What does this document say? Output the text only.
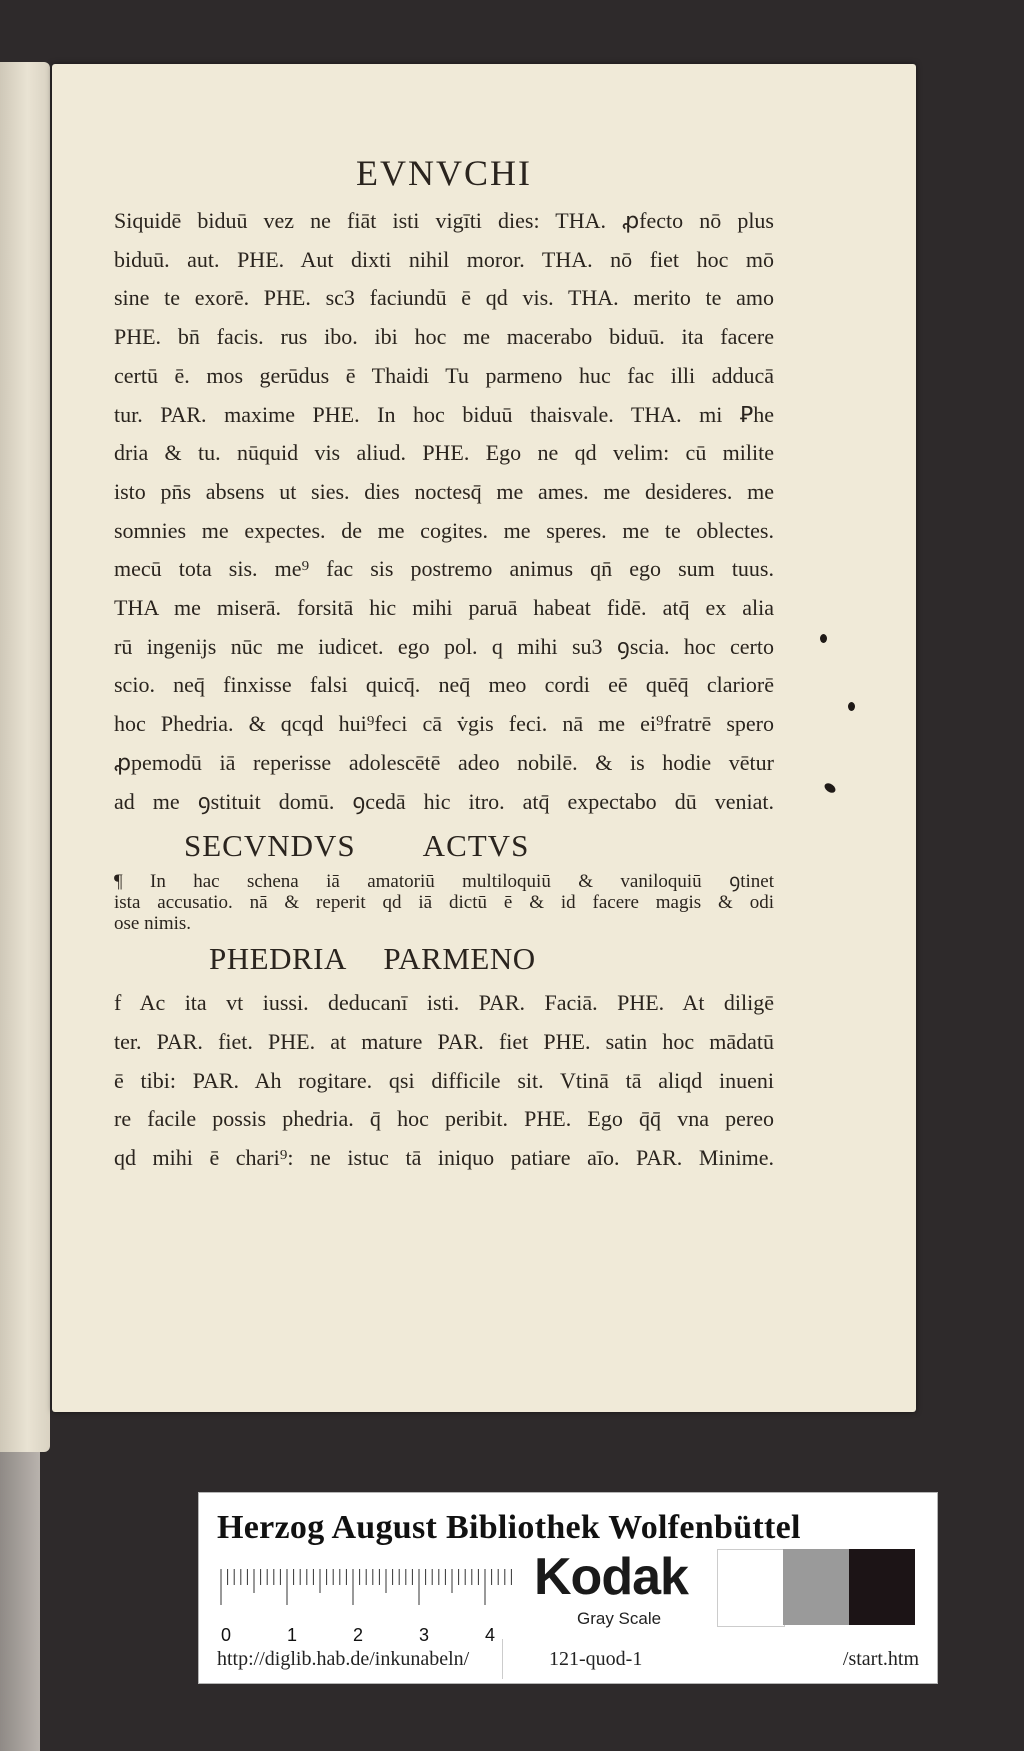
EVNVCHI
Siquidē biduū vez ne fiāt isti vigīti dies: THA. ꝓfecto nō plus
biduū. aut. PHE. Aut dixti nihil moror. THA. nō fiet hoc mō
sine te exorē. PHE. sc3 faciundū ē qd vis. THA. merito te amo
PHE. bn̄ facis. rus ibo. ibi hoc me macerabo biduū. ita facere
certū ē. mos gerūdus ē Thaidi Tu parmeno huc fac illi adducā
tur. PAR. maxime PHE. In hoc biduū thaisvale. THA. mi Ꝑhe
dria & tu. nūquid vis aliud. PHE. Ego ne qd velim: cū milite
isto pn̄s absens ut sies. dies noctesq̄ me ames. me desideres. me
somnies me expectes. de me cogites. me speres. me te oblectes.
mecū tota sis. me⁹ fac sis postremo animus qn̄ ego sum tuus.
THA me miserā. forsitā hic mihi paruā habeat fidē. atq̄ ex alia
rū ingenijs nūc me iudicet. ego pol. q mihi su3 ꝯscia. hoc certo
scio. neq̄ finxisse falsi quicq̄. neq̄ meo cordi eē quēq̄ clariorē
hoc Phedria. & qcqd hui⁹feci cā v̇gis feci. nā me ei⁹fratrē spero
ꝓpemodū iā reperisse adolescētē adeo nobilē. & is hodie vētur
ad me ꝯstituit domū. ꝯcedā hic itro. atq̄ expectabo dū veniat.
SECVNDVS ACTVS
¶ In hac schena iā amatoriū multiloquiū & vaniloquiū ꝯtinet
ista accusatio. nā & reperit qd iā dictū ē & id facere magis & odi
ose nimis.
PHEDRIA PARMENO
f Ac ita vt iussi. deducanī isti. PAR. Faciā. PHE. At diligē
ter. PAR. fiet. PHE. at mature PAR. fiet PHE. satin hoc mādatū
ē tibi: PAR. Ah rogitare. qsi difficile sit. Vtinā tā aliqd inueni
re facile possis phedria. q̄ hoc peribit. PHE. Ego q̄q̄ vna pereo
qd mihi ē chari⁹: ne istuc tā iniquo patiare aīo. PAR. Minime.
Herzog August Bibliothek Wolfenbüttel
0	1	2	3	4
Kodak
Gray Scale
http://diglib.hab.de/inkunabeln/	121-quod-1	/start.htm
